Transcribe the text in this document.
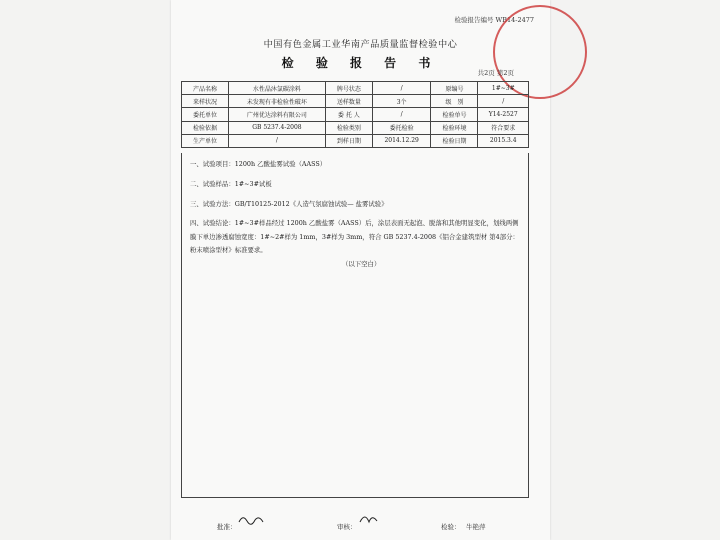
检验报告编号 WB14-2477
中国有色金属工业华南产品质量监督检验中心
检 验 报 告 书
共2页 第2页
产品名称	水性晶沐氯碳涂料	牌号状态	/	原编号	1#~3#
来样状况	未发现有非检验性破坏	送样数量	3个	级　别	/
委托单位	广州优达涂料有限公司	委 托 人	/	检验单号	Y14-2527
检验依据	GB 5237.4-2008	检验类别	委托检验	检验环境	符合要求
生产单位	/	到样日期	2014.12.29	检验日期	2015.3.4
一、试验项目：1200h 乙酸盐雾试验（AASS）
二、试验样品：1#~3#试板
三、试验方法：GB/T10125-2012《人造气氛腐蚀试验— 盐雾试验》
四、试验结论：1#~3#样品经过 1200h 乙酸盐雾（AASS）后，涂层表面无起泡、脱落和其他明显变化，划线两侧膜下单边渗透腐蚀宽度：1#~2#样为 1mm，3#样为 3mm，符合 GB 5237.4-2008《铝合金建筑型材 第4部分：粉末喷涂型材》标准要求。
（以下空白）
批准：	审核：	检验： 牛艳萍
